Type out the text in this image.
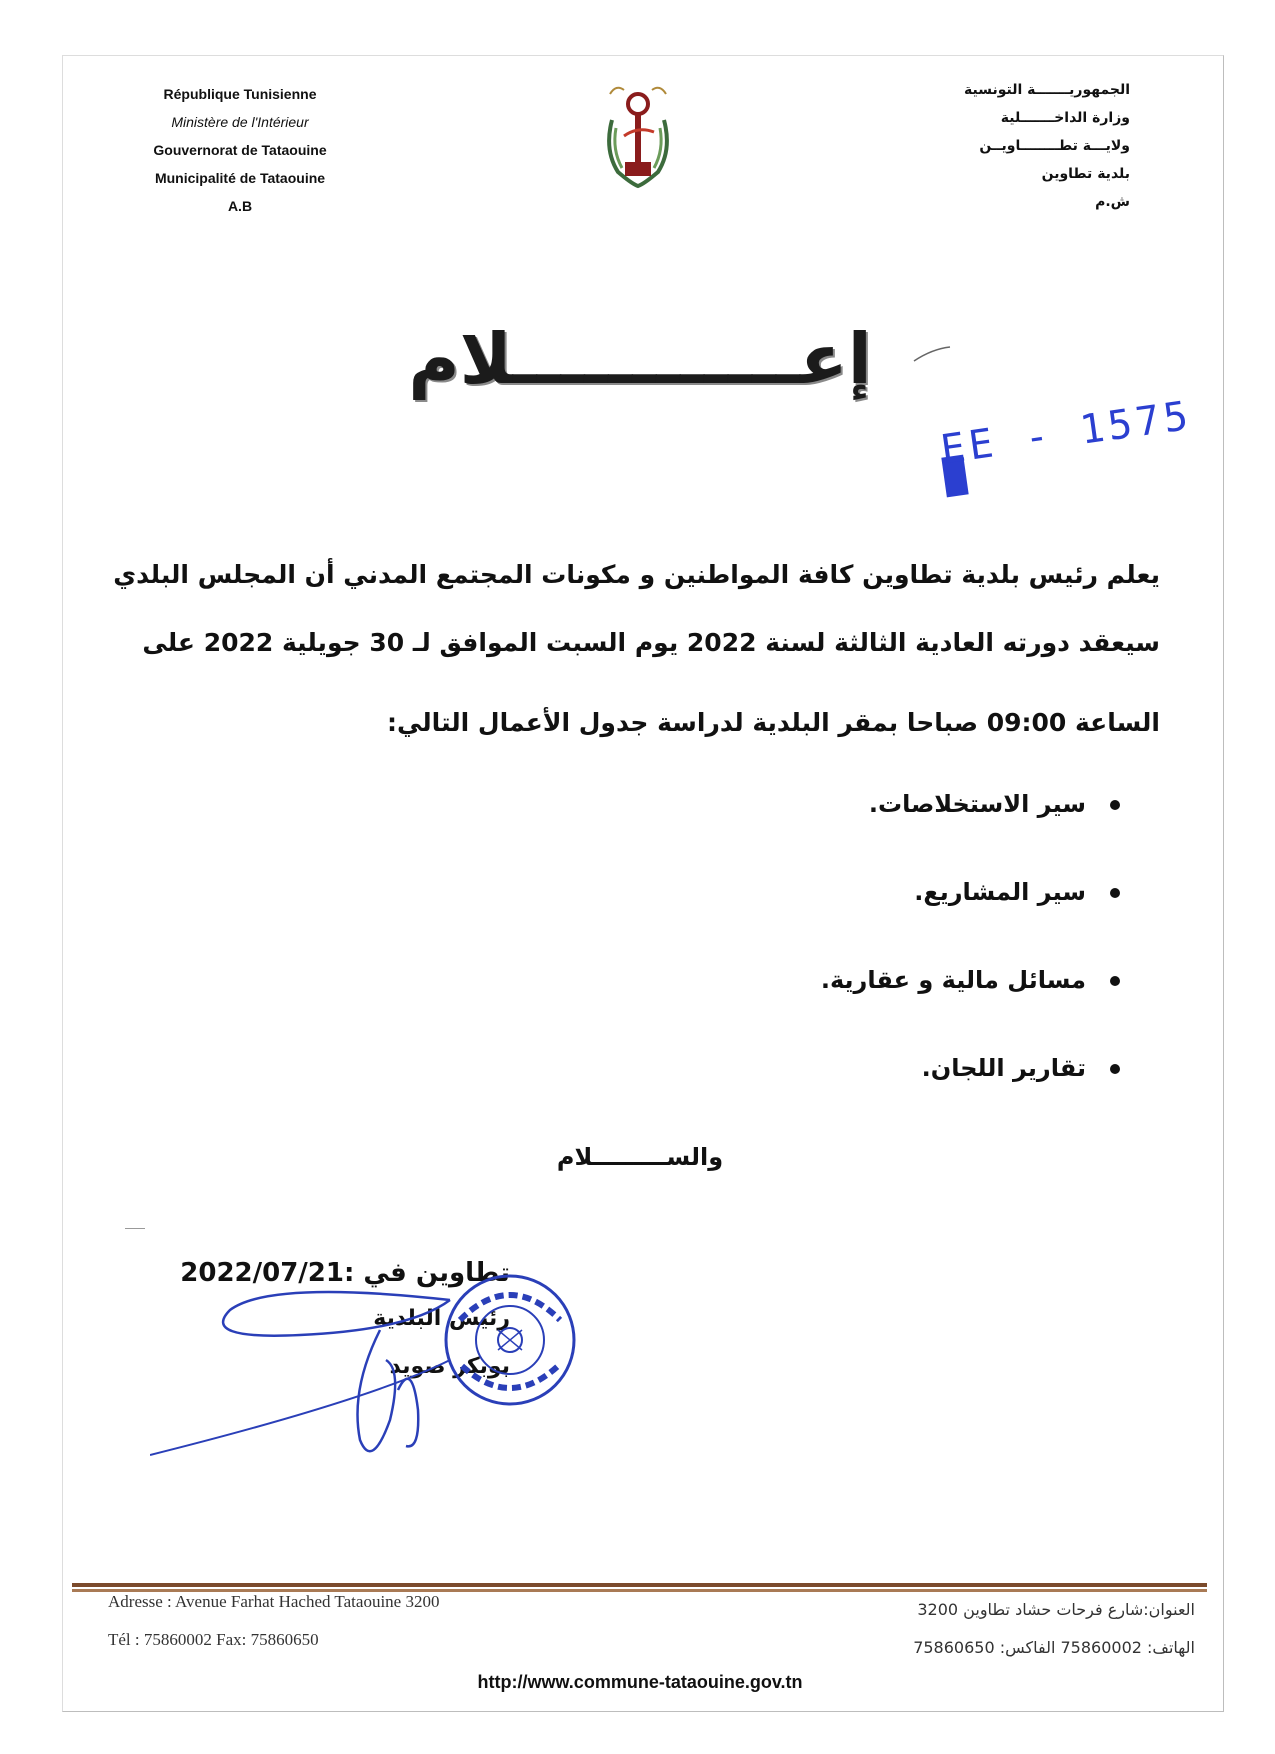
République Tunisienne
Ministère de l'Intérieur
Gouvernorat de Tataouine
Municipalité de Tataouine
A.B
الجمهوريـــــــة التونسية
وزارة الداخـــــــلية
ولايـــة تطــــــــاويــن
بلدية تطاوين
ش.م
إعــــــــــــلام
EE - 1575
يعلم رئيس بلدية تطاوين كافة المواطنين و مكونات المجتمع المدني أن المجلس البلدي
سيعقد دورته العادية الثالثة لسنة 2022 يوم السبت الموافق لـ 30 جويلية 2022 على
الساعة 09:00 صباحا بمقر البلدية لدراسة جدول الأعمال التالي:
سير الاستخلاصات.
سير المشاريع.
مسائل مالية و عقارية.
تقارير اللجان.
والســـــــــلام
تطاوين في :2022/07/21
رئيس البلدية
بوبكر صويد
Adresse : Avenue Farhat Hached Tataouine 3200
Tél : 75860002 Fax: 75860650
العنوان:شارع فرحات حشاد تطاوين 3200
الهاتف: 75860002 الفاكس: 75860650
http://www.commune-tataouine.gov.tn
